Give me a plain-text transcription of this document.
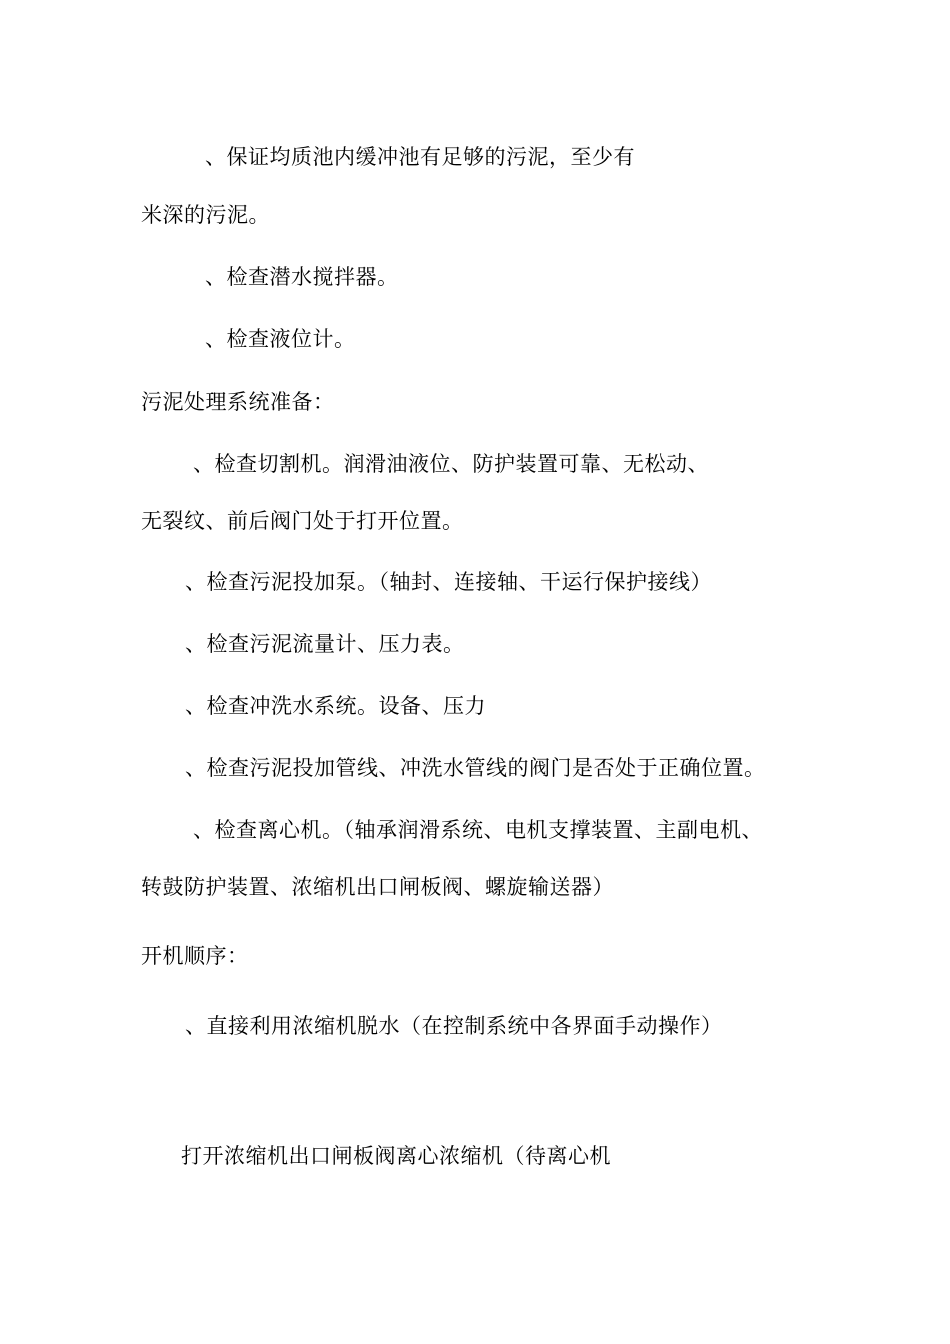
、保证均质池内缓冲池有足够的污泥，至少有
米深的污泥。
、检查潜水搅拌器。
、检查液位计。
污泥处理系统准备：
、检查切割机。润滑油液位、防护装置可靠、无松动、
无裂纹、前后阀门处于打开位置。
、检查污泥投加泵。（轴封、连接轴、干运行保护接线）
、检查污泥流量计、压力表。
、检查冲洗水系统。设备、压力
、检查污泥投加管线、冲洗水管线的阀门是否处于正确位置。
、检查离心机。（轴承润滑系统、电机支撑装置、主副电机、
转鼓防护装置、浓缩机出口闸板阀、螺旋输送器）
开机顺序：
、直接利用浓缩机脱水（在控制系统中各界面手动操作）
打开浓缩机出口闸板阀离心浓缩机（待离心机
